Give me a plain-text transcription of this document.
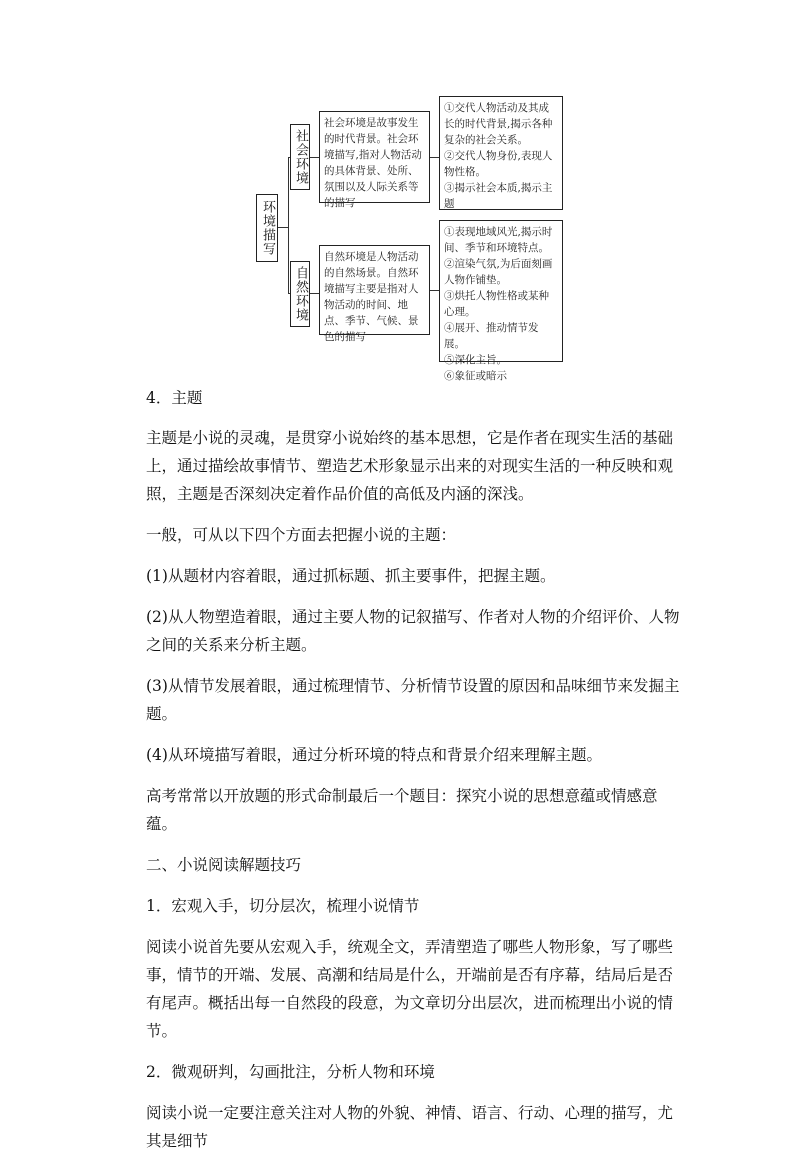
环境描写
社会环境
社会环境是故事发生的时代背景。社会环境描写,指对人物活动的具体背景、处所、氛围以及人际关系等的描写
①交代人物活动及其成长的时代背景,揭示各种复杂的社会关系。
②交代人物身份,表现人物性格。
③揭示社会本质,揭示主题
自然环境
自然环境是人物活动的自然场景。自然环境描写主要是指对人物活动的时间、地点、季节、气候、景色的描写
①表现地域风光,揭示时间、季节和环境特点。
②渲染气氛,为后面刻画人物作铺垫。
③烘托人物性格或某种心理。
④展开、推动情节发展。
⑤深化主旨。
⑥象征或暗示

4．主题

主题是小说的灵魂，是贯穿小说始终的基本思想，它是作者在现实生活的基础上，通过描绘故事情节、塑造艺术形象显示出来的对现实生活的一种反映和观照，主题是否深刻决定着作品价值的高低及内涵的深浅。

一般，可从以下四个方面去把握小说的主题：

(1)从题材内容着眼，通过抓标题、抓主要事件，把握主题。

(2)从人物塑造着眼，通过主要人物的记叙描写、作者对人物的介绍评价、人物之间的关系来分析主题。

(3)从情节发展着眼，通过梳理情节、分析情节设置的原因和品味细节来发掘主题。

(4)从环境描写着眼，通过分析环境的特点和背景介绍来理解主题。

高考常常以开放题的形式命制最后一个题目：探究小说的思想意蕴或情感意蕴。

二、小说阅读解题技巧

1．宏观入手，切分层次，梳理小说情节

阅读小说首先要从宏观入手，统观全文，弄清塑造了哪些人物形象，写了哪些事，情节的开端、发展、高潮和结局是什么，开端前是否有序幕，结局后是否有尾声。概括出每一自然段的段意，为文章切分出层次，进而梳理出小说的情节。

2．微观研判，勾画批注，分析人物和环境

阅读小说一定要注意关注对人物的外貌、神情、语言、行动、心理的描写，尤其是细节
